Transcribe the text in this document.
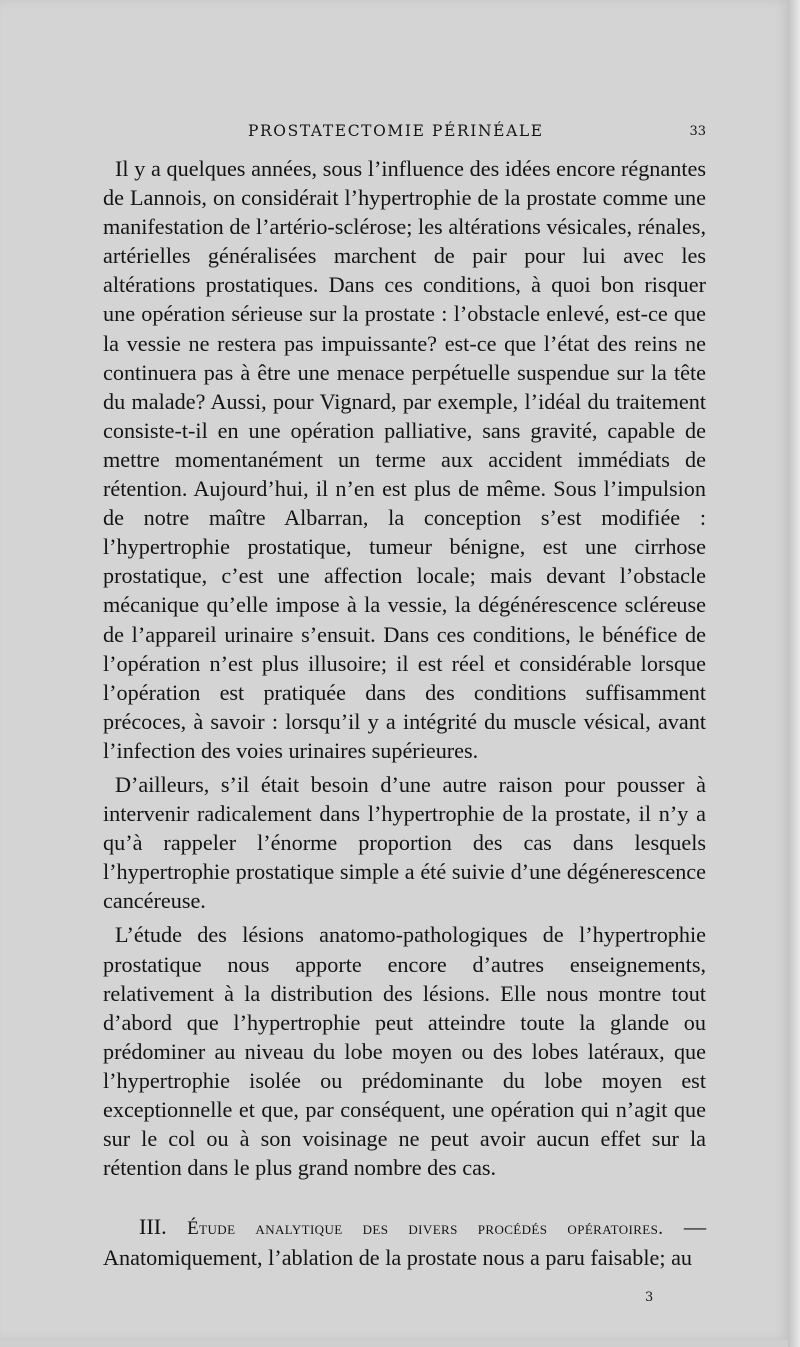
PROSTATECTOMIE PÉRINÉALE	33

Il y a quelques années, sous l’influence des idées encore régnantes de Lannois, on considérait l’hypertrophie de la prostate comme une manifestation de l’artério-sclérose; les altérations vésicales, rénales, artérielles généralisées marchent de pair pour lui avec les altérations prostatiques. Dans ces conditions, à quoi bon risquer une opération sérieuse sur la prostate : l’obstacle enlevé, est-ce que la vessie ne restera pas impuissante? est-ce que l’état des reins ne continuera pas à être une menace perpétuelle suspendue sur la tête du malade? Aussi, pour Vignard, par exemple, l’idéal du traitement consiste-t-il en une opération palliative, sans gravité, capable de mettre momentanément un terme aux accident immédiats de rétention. Aujourd’hui, il n’en est plus de même. Sous l’impulsion de notre maître Albarran, la conception s’est modifiée : l’hypertrophie prostatique, tumeur bénigne, est une cirrhose prostatique, c’est une affection locale; mais devant l’obstacle mécanique qu’elle impose à la vessie, la dégénérescence scléreuse de l’appareil urinaire s’ensuit. Dans ces conditions, le bénéfice de l’opération n’est plus illusoire; il est réel et considérable lorsque l’opération est pratiquée dans des conditions suffisamment précoces, à savoir : lorsqu’il y a intégrité du muscle vésical, avant l’infection des voies urinaires supérieures.

D’ailleurs, s’il était besoin d’une autre raison pour pousser à intervenir radicalement dans l’hypertrophie de la prostate, il n’y a qu’à rappeler l’énorme proportion des cas dans lesquels l’hypertrophie prostatique simple a été suivie d’une dégénerescence cancéreuse.

L’étude des lésions anatomo-pathologiques de l’hypertrophie prostatique nous apporte encore d’autres enseignements, relativement à la distribution des lésions. Elle nous montre tout d’abord que l’hypertrophie peut atteindre toute la glande ou prédominer au niveau du lobe moyen ou des lobes latéraux, que l’hypertrophie isolée ou prédominante du lobe moyen est exceptionnelle et que, par conséquent, une opération qui n’agit que sur le col ou à son voisinage ne peut avoir aucun effet sur la rétention dans le plus grand nombre des cas.

III. Étude analytique des divers procédés opératoires. — Anatomiquement, l’ablation de la prostate nous a paru faisable; au

3
